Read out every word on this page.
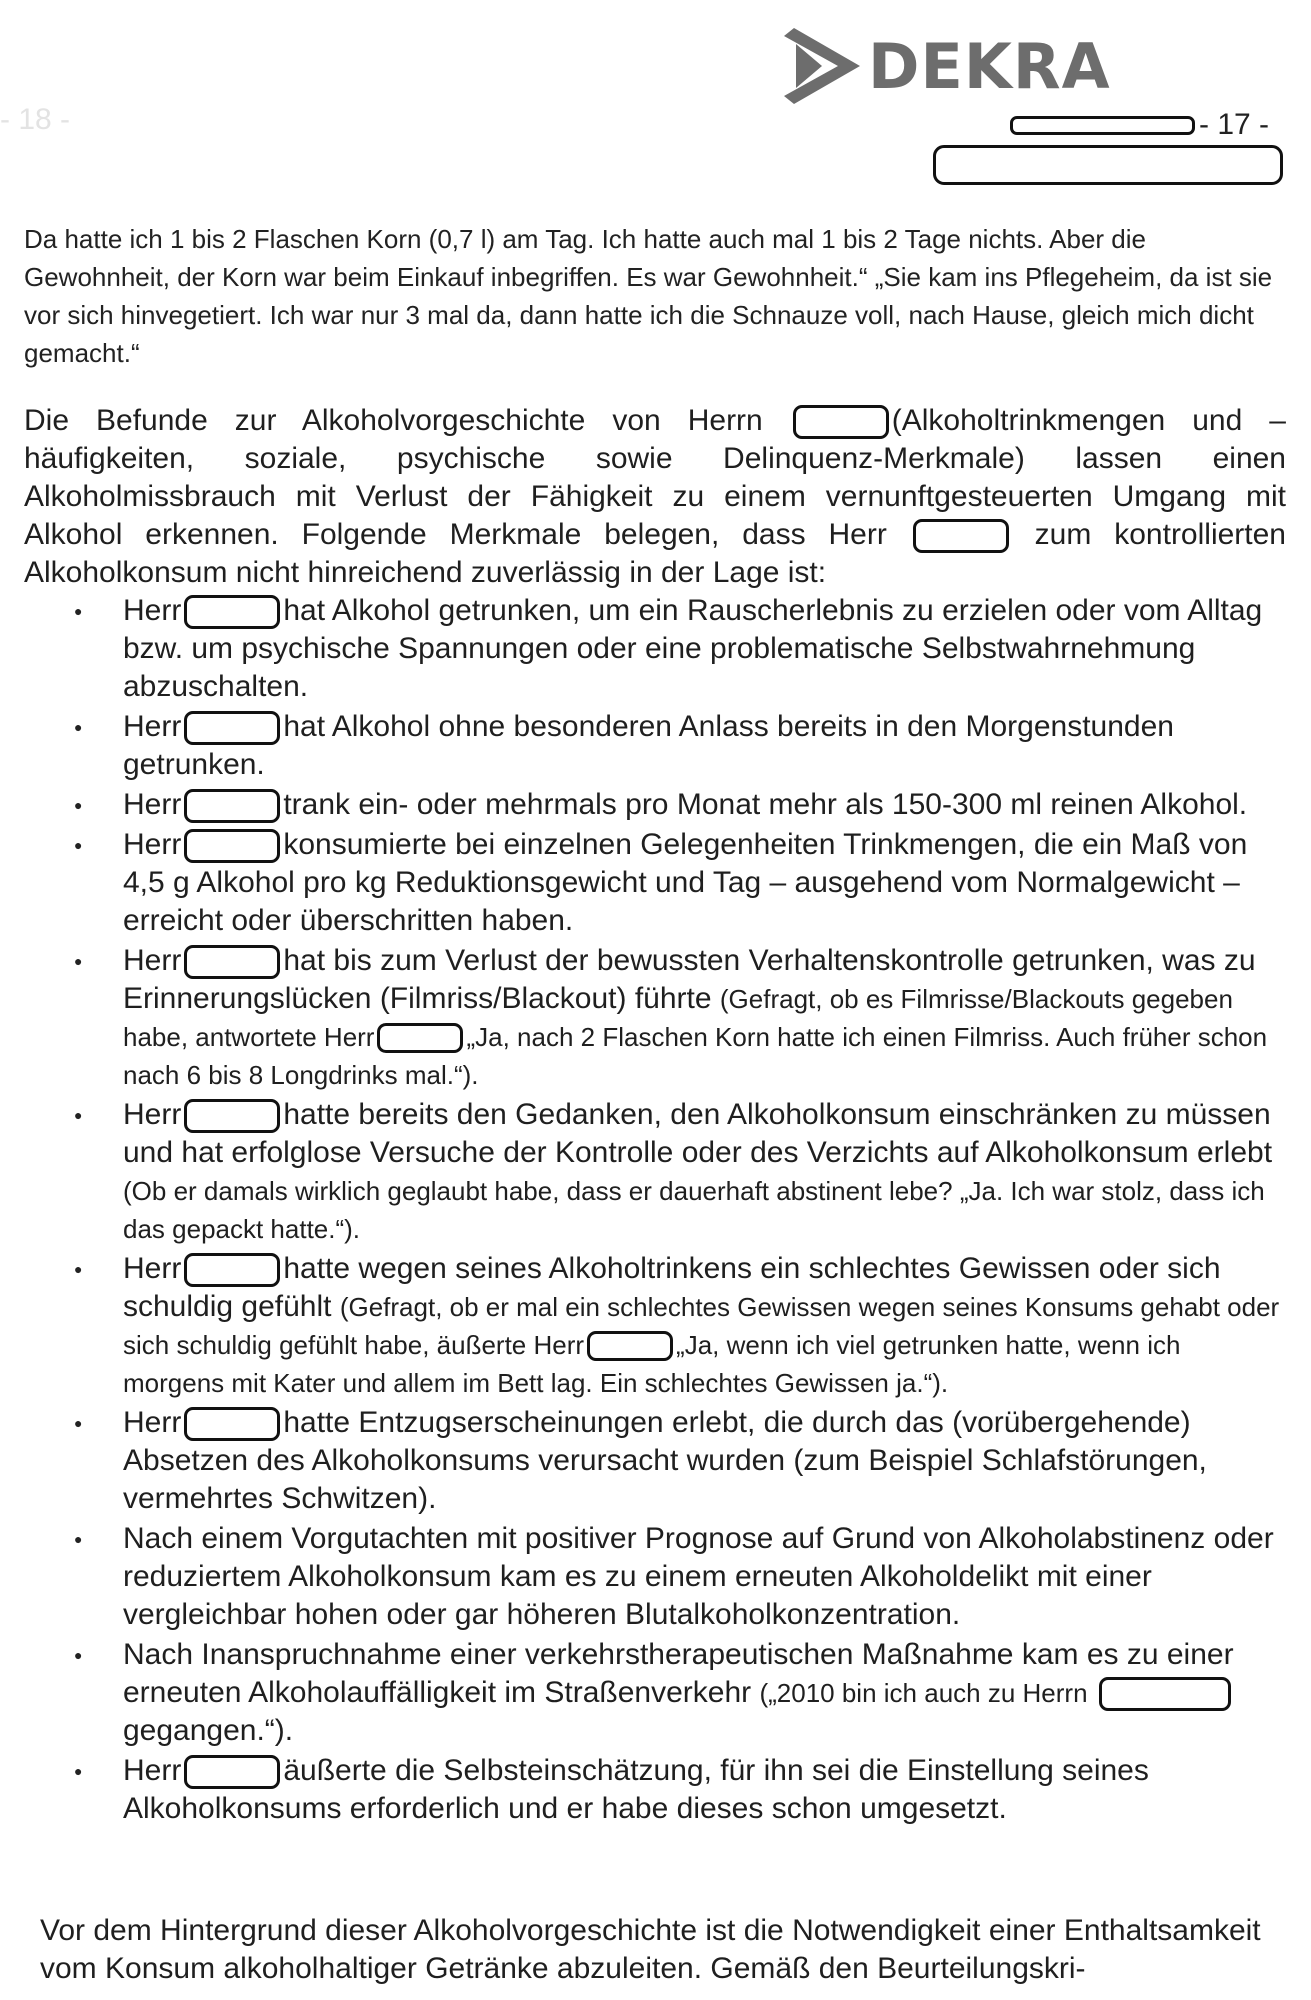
- 18 -
DEKRA
- 17 -

Da hatte ich 1 bis 2 Flaschen Korn (0,7 l) am Tag. Ich hatte auch mal 1 bis 2 Tage nichts. Aber die Gewohnheit, der Korn war beim Einkauf inbegriffen. Es war Gewohnheit.“ „Sie kam ins Pflegeheim, da ist sie vor sich hinvegetiert. Ich war nur 3 mal da, dann hatte ich die Schnauze voll, nach Hause, gleich mich dicht gemacht.“

Die Befunde zur Alkoholvorgeschichte von Herrn	(Alkoholtrinkmengen und –häufigkeiten, soziale, psychische sowie Delinquenz-Merkmale) lassen einen Alkoholmissbrauch mit Verlust der Fähigkeit zu einem vernunftgesteuerten Umgang mit Alkohol erkennen. Folgende Merkmale belegen, dass Herr	zum kontrollierten Alkoholkonsum nicht hinreichend zuverlässig in der Lage ist:

● Herr	hat Alkohol getrunken, um ein Rauscherlebnis zu erzielen oder vom Alltag bzw. um psychische Spannungen oder eine problematische Selbstwahrnehmung abzuschalten.
● Herr	hat Alkohol ohne besonderen Anlass bereits in den Morgenstunden getrunken.
● Herr	trank ein- oder mehrmals pro Monat mehr als 150-300 ml reinen Alkohol.
● Herr	konsumierte bei einzelnen Gelegenheiten Trinkmengen, die ein Maß von 4,5 g Alkohol pro kg Reduktionsgewicht und Tag – ausgehend vom Normalgewicht – erreicht oder überschritten haben.
● Herr	hat bis zum Verlust der bewussten Verhaltenskontrolle getrunken, was zu Erinnerungslücken (Filmriss/Blackout) führte (Gefragt, ob es Filmrisse/Blackouts gegeben habe, antwortete Herr	„Ja, nach 2 Flaschen Korn hatte ich einen Filmriss. Auch früher schon nach 6 bis 8 Longdrinks mal.“).
● Herr	hatte bereits den Gedanken, den Alkoholkonsum einschränken zu müssen und hat erfolglose Versuche der Kontrolle oder des Verzichts auf Alkoholkonsum erlebt (Ob er damals wirklich geglaubt habe, dass er dauerhaft abstinent lebe? „Ja. Ich war stolz, dass ich das gepackt hatte.“).
● Herr	hatte wegen seines Alkoholtrinkens ein schlechtes Gewissen oder sich schuldig gefühlt (Gefragt, ob er mal ein schlechtes Gewissen wegen seines Konsums gehabt oder sich schuldig gefühlt habe, äußerte Herr	„Ja, wenn ich viel getrunken hatte, wenn ich morgens mit Kater und allem im Bett lag. Ein schlechtes Gewissen ja.“).
● Herr	hatte Entzugserscheinungen erlebt, die durch das (vorübergehende) Absetzen des Alkoholkonsums verursacht wurden (zum Beispiel Schlafstörungen, vermehrtes Schwitzen).
● Nach einem Vorgutachten mit positiver Prognose auf Grund von Alkoholabstinenz oder reduziertem Alkoholkonsum kam es zu einem erneuten Alkoholdelikt mit einer vergleichbar hohen oder gar höheren Blutalkoholkonzentration.
● Nach Inanspruchnahme einer verkehrstherapeutischen Maßnahme kam es zu einer erneuten Alkoholauffälligkeit im Straßenverkehr („2010 bin ich auch zu Herrn gegangen.“).
● Herr	äußerte die Selbsteinschätzung, für ihn sei die Einstellung seines Alkoholkonsums erforderlich und er habe dieses schon umgesetzt.

Vor dem Hintergrund dieser Alkoholvorgeschichte ist die Notwendigkeit einer Enthaltsamkeit vom Konsum alkoholhaltiger Getränke abzuleiten. Gemäß den Beurteilungskri-
